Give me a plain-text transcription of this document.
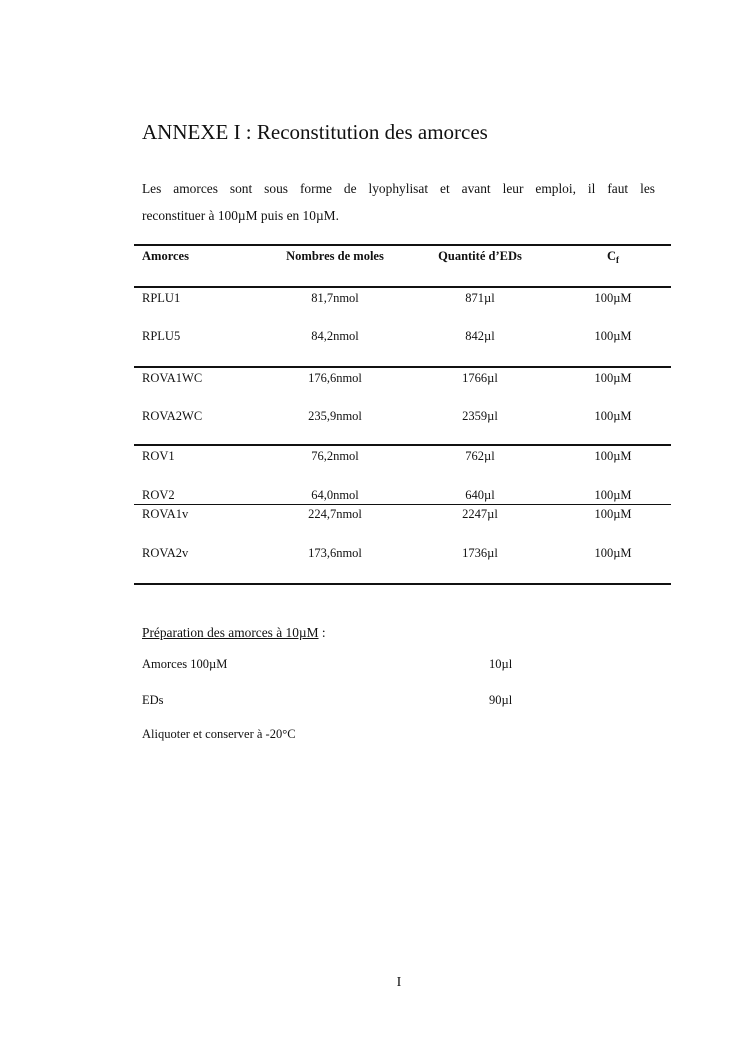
ANNEXE I : Reconstitution des amorces
Les amorces sont sous forme de lyophylisat et avant leur emploi, il faut les
reconstituer à 100µM puis en 10µM.
Amorces	Nombres de moles	Quantité d’EDs	$C_f$
RPLU1	81,7nmol	871µl	100µM
RPLU5	84,2nmol	842µl	100µM
ROVA1WC	176,6nmol	1766µl	100µM
ROVA2WC	235,9nmol	2359µl	100µM
ROV1	76,2nmol	762µl	100µM
ROV2	64,0nmol	640µl	100µM
ROVA1v	224,7nmol	2247µl	100µM
ROVA2v	173,6nmol	1736µl	100µM
Préparation des amorces à 10µM :
Amorces 100µM	10µl
EDs	90µl
Aliquoter et conserver à -20°C
I
